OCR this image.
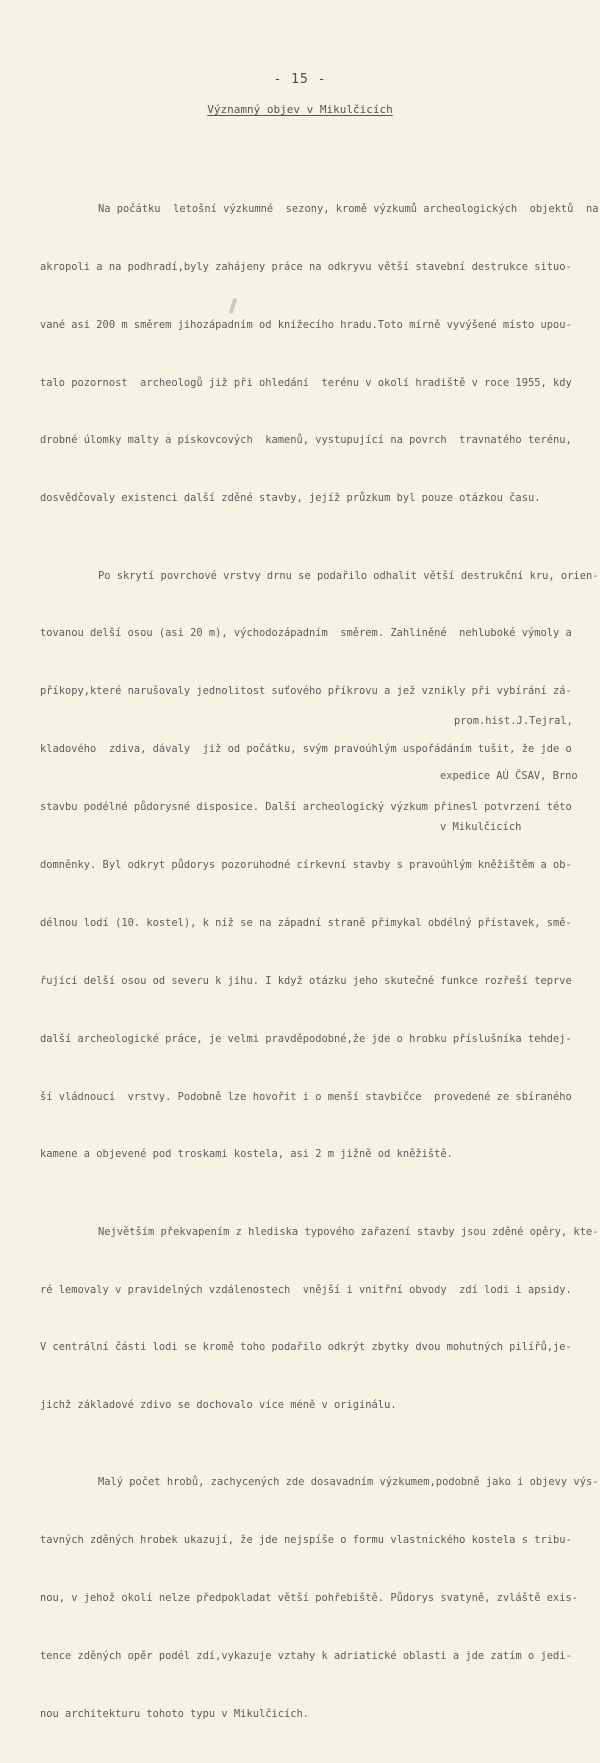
- 15 -
Významný objev v Mikulčicích

Na počátku  letošní výzkumné  sezony, kromě výzkumů archeologických  objektů  na

akropoli a na podhradí,byly zahájeny práce na odkryvu větší stavební destrukce situo-

vané asi 200 m směrem jihozápadním od knížecího hradu.Toto mírně vyvýšené místo upou-

talo pozornost  archeologů již při ohledání  terénu v okolí hradiště v roce 1955, kdy

drobné úlomky malty a pískovcových  kamenů, vystupující na povrch  travnatého terénu,

dosvědčovaly existenci další zděné stavby, jejíž průzkum byl pouze otázkou času.

Po skrytí povrchové vrstvy drnu se podařilo odhalit větší destrukční kru, orien-

tovanou delší osou (asi 20 m), východozápadním  směrem. Zahliněné  nehluboké výmoly a

příkopy,které narušovaly jednolitost suťového příkrovu a jež vznikly při vybírání zá-

kladového  zdiva, dávaly  již od počátku, svým pravoúhlým uspořádáním tušit, že jde o

stavbu podélné půdorysné disposice. Další archeologický výzkum přinesl potvrzení této

domněnky. Byl odkryt půdorys pozoruhodné církevní stavby s pravoúhlým kněžištěm a ob-

délnou lodí (10. kostel), k níž se na západní straně přimykal obdélný přístavek, smě-

řující delší osou od severu k jihu. I když otázku jeho skutečné funkce rozřeší teprve

další archeologické práce, je velmi pravděpodobné,že jde o hrobku příslušníka tehdej-

ší vládnoucí  vrstvy. Podobně lze hovořit i o menší stavbičce  provedené ze sbíraného

kamene a objevené pod troskami kostela, asi 2 m jižně od kněžiště.

Největším překvapením z hlediska typového zařazení stavby jsou zděné opěry, kte-

ré lemovaly v pravidelných vzdálenostech  vnější i vnitřní obvody  zdí lodi i apsidy.

V centrální části lodi se kromě toho podařilo odkrýt zbytky dvou mohutných pilířů,je-

jichž základové zdivo se dochovalo více méně v originálu.

Malý počet hrobů, zachycených zde dosavadním výzkumem,podobně jako i objevy výs-

tavných zděných hrobek ukazují, že jde nejspíše o formu vlastnického kostela s tribu-

nou, v jehož okolí nelze předpokladat větší pohřebiště. Půdorys svatyně, zvláště exis-

tence zděných opěr podél zdí,vykazuje vztahy k adriatické oblasti a jde zatím o jedi-

nou architekturu tohoto typu v Mikulčicích.

prom.hist.J.Tejral,

expedice AÚ ČSAV, Brno

v Mikulčicích
